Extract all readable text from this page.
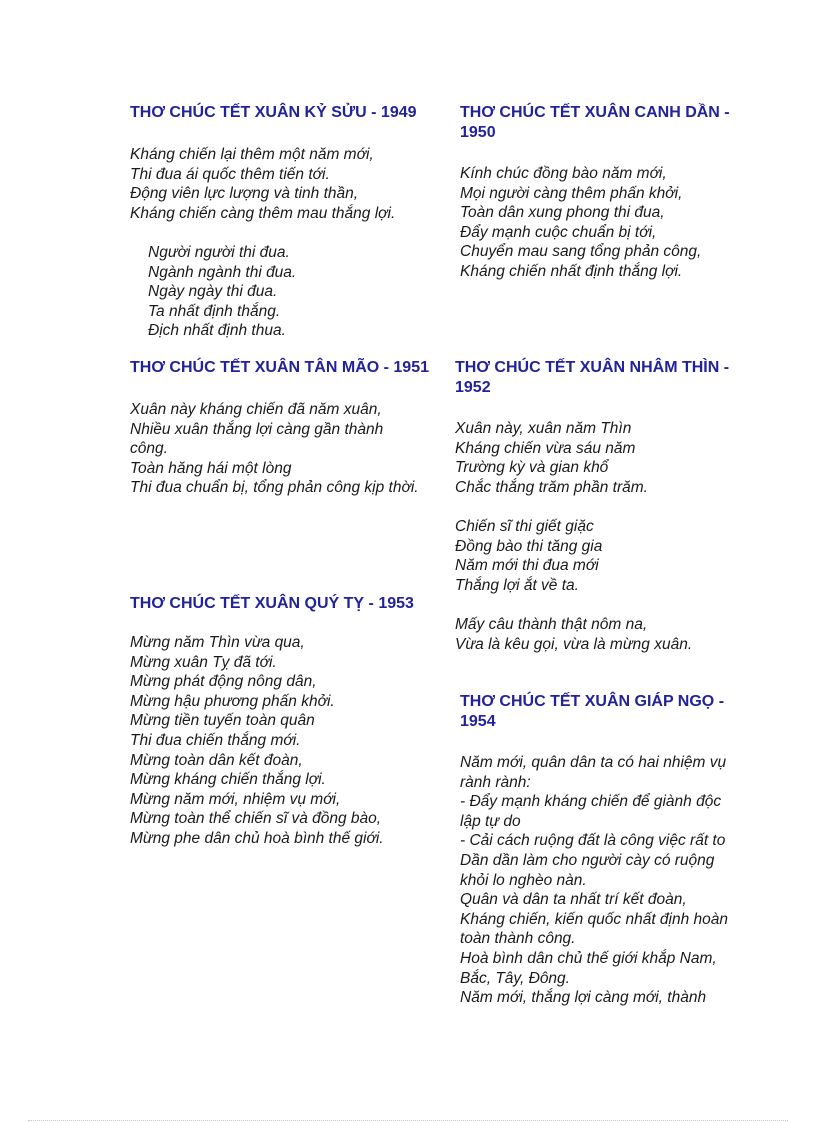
THƠ CHÚC TẾT XUÂN KỶ SỬU - 1949
Kháng chiến lại thêm một năm mới,
Thi đua ái quốc thêm tiến tới.
Động viên lực lượng và tinh thần,
Kháng chiến càng thêm mau thắng lợi.
Người người thi đua.
Ngành ngành thi đua.
Ngày ngày thi đua.
Ta nhất định thắng.
Địch nhất định thua.
THƠ CHÚC TẾT XUÂN CANH DẦN - 1950
Kính chúc đồng bào năm mới,
Mọi người càng thêm phấn khởi,
Toàn dân xung phong thi đua,
Đẩy mạnh cuộc chuẩn bị tới,
Chuyển mau sang tổng phản công,
Kháng chiến nhất định thắng lợi.
THƠ CHÚC TẾT XUÂN TÂN MÃO - 1951
Xuân này kháng chiến đã năm xuân,
Nhiều xuân thắng lợi càng gần thành
công.
Toàn hăng hái một lòng
Thi đua chuẩn bị, tổng phản công kịp thời.
THƠ CHÚC TẾT XUÂN NHÂM THÌN - 1952
Xuân này, xuân năm Thìn
Kháng chiến vừa sáu năm
Trường kỳ và gian khổ
Chắc thắng trăm phần trăm.
Chiến sĩ thi giết giặc
Đồng bào thi tăng gia
Năm mới thi đua mới
Thắng lợi ắt về ta.
Mấy câu thành thật nôm na,
Vừa là kêu gọi, vừa là mừng xuân.
THƠ CHÚC TẾT XUÂN QUÝ TỴ - 1953
Mừng năm Thìn vừa qua,
Mừng xuân Tỵ đã tới.
Mừng phát động nông dân,
Mừng hậu phương phấn khởi.
Mừng tiền tuyến toàn quân
Thi đua chiến thắng mới.
Mừng toàn dân kết đoàn,
Mừng kháng chiến thắng lợi.
Mừng năm mới, nhiệm vụ mới,
Mừng toàn thể chiến sĩ và đồng bào,
Mừng phe dân chủ hoà bình thế giới.
THƠ CHÚC TẾT XUÂN GIÁP NGỌ - 1954
Năm mới, quân dân ta có hai nhiệm vụ
rành rành:
- Đẩy mạnh kháng chiến để giành độc
lập tự do
- Cải cách ruộng đất là công việc rất to
Dần dần làm cho người cày có ruộng
khỏi lo nghèo nàn.
Quân và dân ta nhất trí kết đoàn,
Kháng chiến, kiến quốc nhất định hoàn
toàn thành công.
Hoà bình dân chủ thế giới khắp Nam,
Bắc, Tây, Đông.
Năm mới, thắng lợi càng mới, thành
